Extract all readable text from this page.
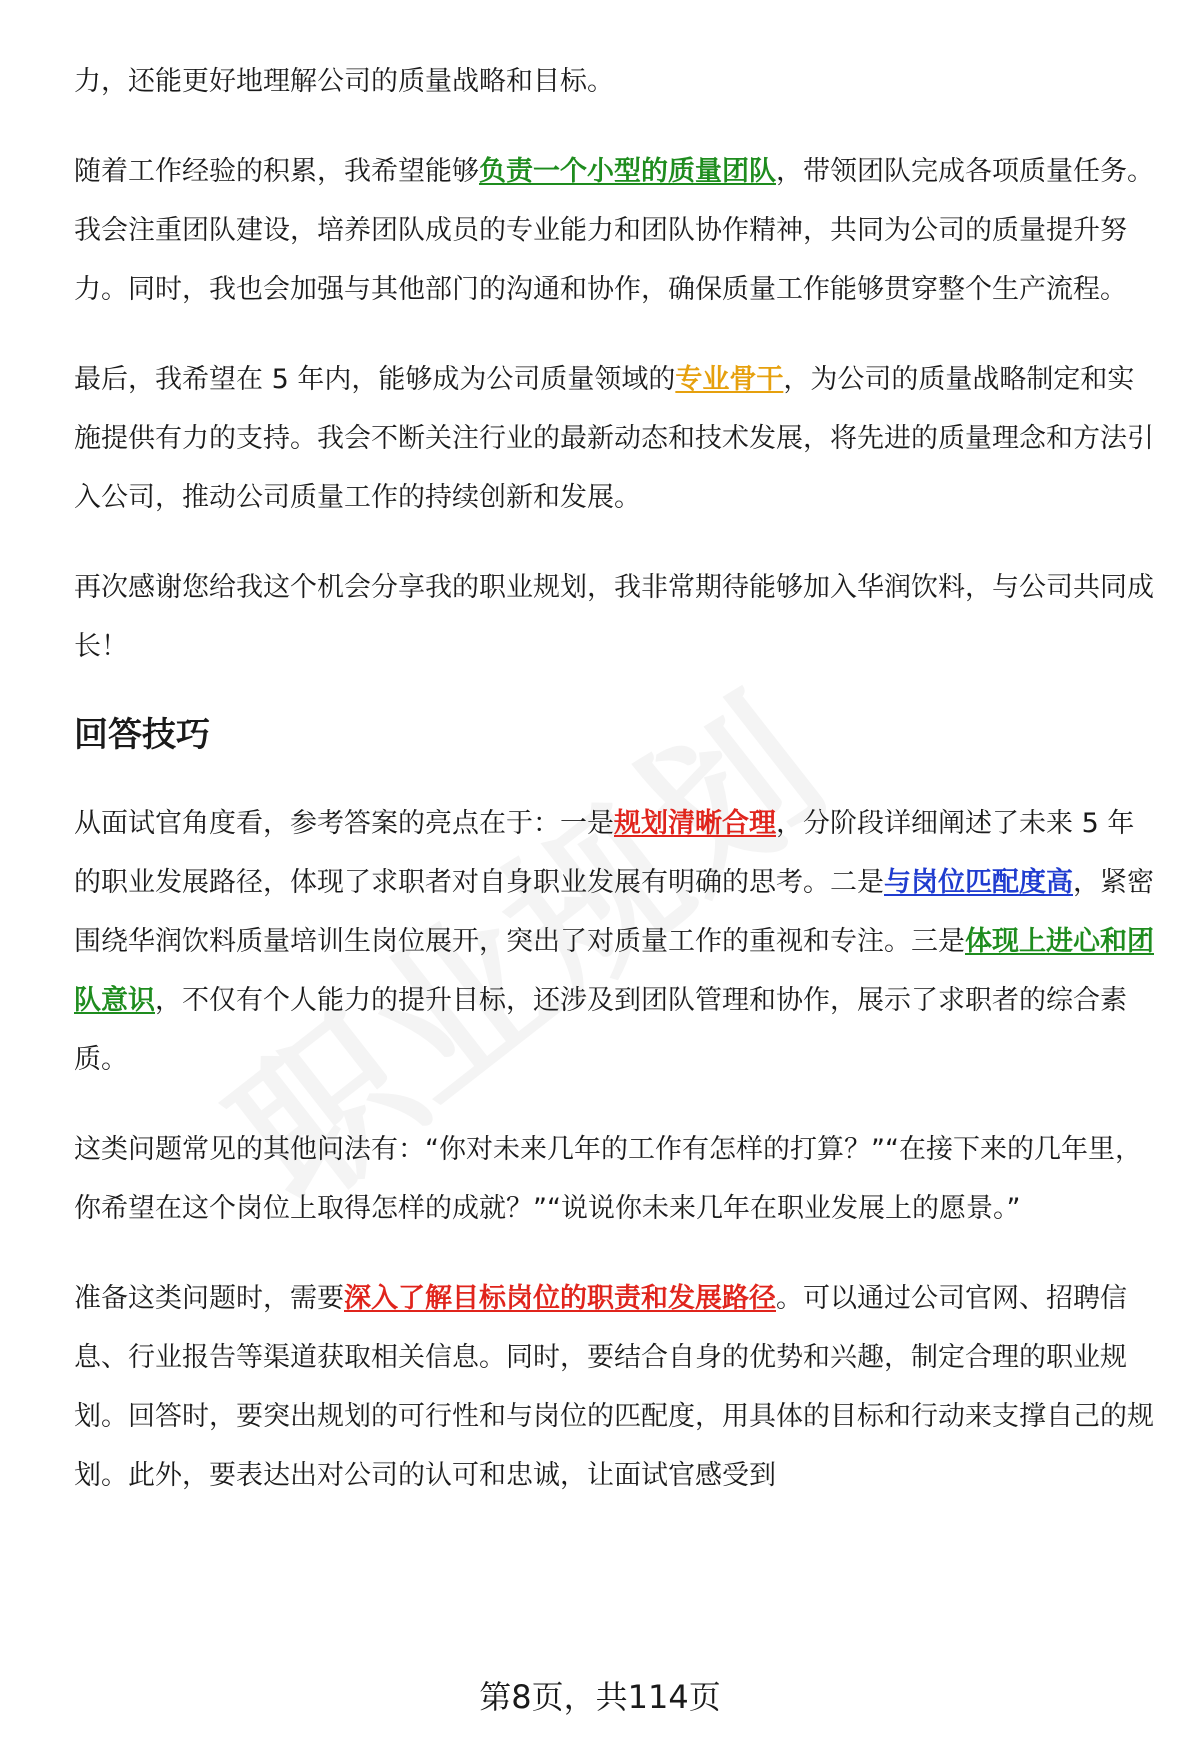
力，还能更好地理解公司的质量战略和目标。

随着工作经验的积累，我希望能够负责一个小型的质量团队，带领团队完成各项质量任务。我会注重团队建设，培养团队成员的专业能力和团队协作精神，共同为公司的质量提升努力。同时，我也会加强与其他部门的沟通和协作，确保质量工作能够贯穿整个生产流程。

最后，我希望在 5 年内，能够成为公司质量领域的专业骨干，为公司的质量战略制定和实施提供有力的支持。我会不断关注行业的最新动态和技术发展，将先进的质量理念和方法引入公司，推动公司质量工作的持续创新和发展。

再次感谢您给我这个机会分享我的职业规划，我非常期待能够加入华润饮料，与公司共同成长！

回答技巧

从面试官角度看，参考答案的亮点在于：一是规划清晰合理，分阶段详细阐述了未来 5 年的职业发展路径，体现了求职者对自身职业发展有明确的思考。二是与岗位匹配度高，紧密围绕华润饮料质量培训生岗位展开，突出了对质量工作的重视和专注。三是体现上进心和团队意识，不仅有个人能力的提升目标，还涉及到团队管理和协作，展示了求职者的综合素质。

这类问题常见的其他问法有：“你对未来几年的工作有怎样的打算？”“在接下来的几年里，你希望在这个岗位上取得怎样的成就？”“说说你未来几年在职业发展上的愿景。”

准备这类问题时，需要深入了解目标岗位的职责和发展路径。可以通过公司官网、招聘信息、行业报告等渠道获取相关信息。同时，要结合自身的优势和兴趣，制定合理的职业规划。回答时，要突出规划的可行性和与岗位的匹配度，用具体的目标和行动来支撑自己的规划。此外，要表达出对公司的认可和忠诚，让面试官感受到

第8页，共114页
